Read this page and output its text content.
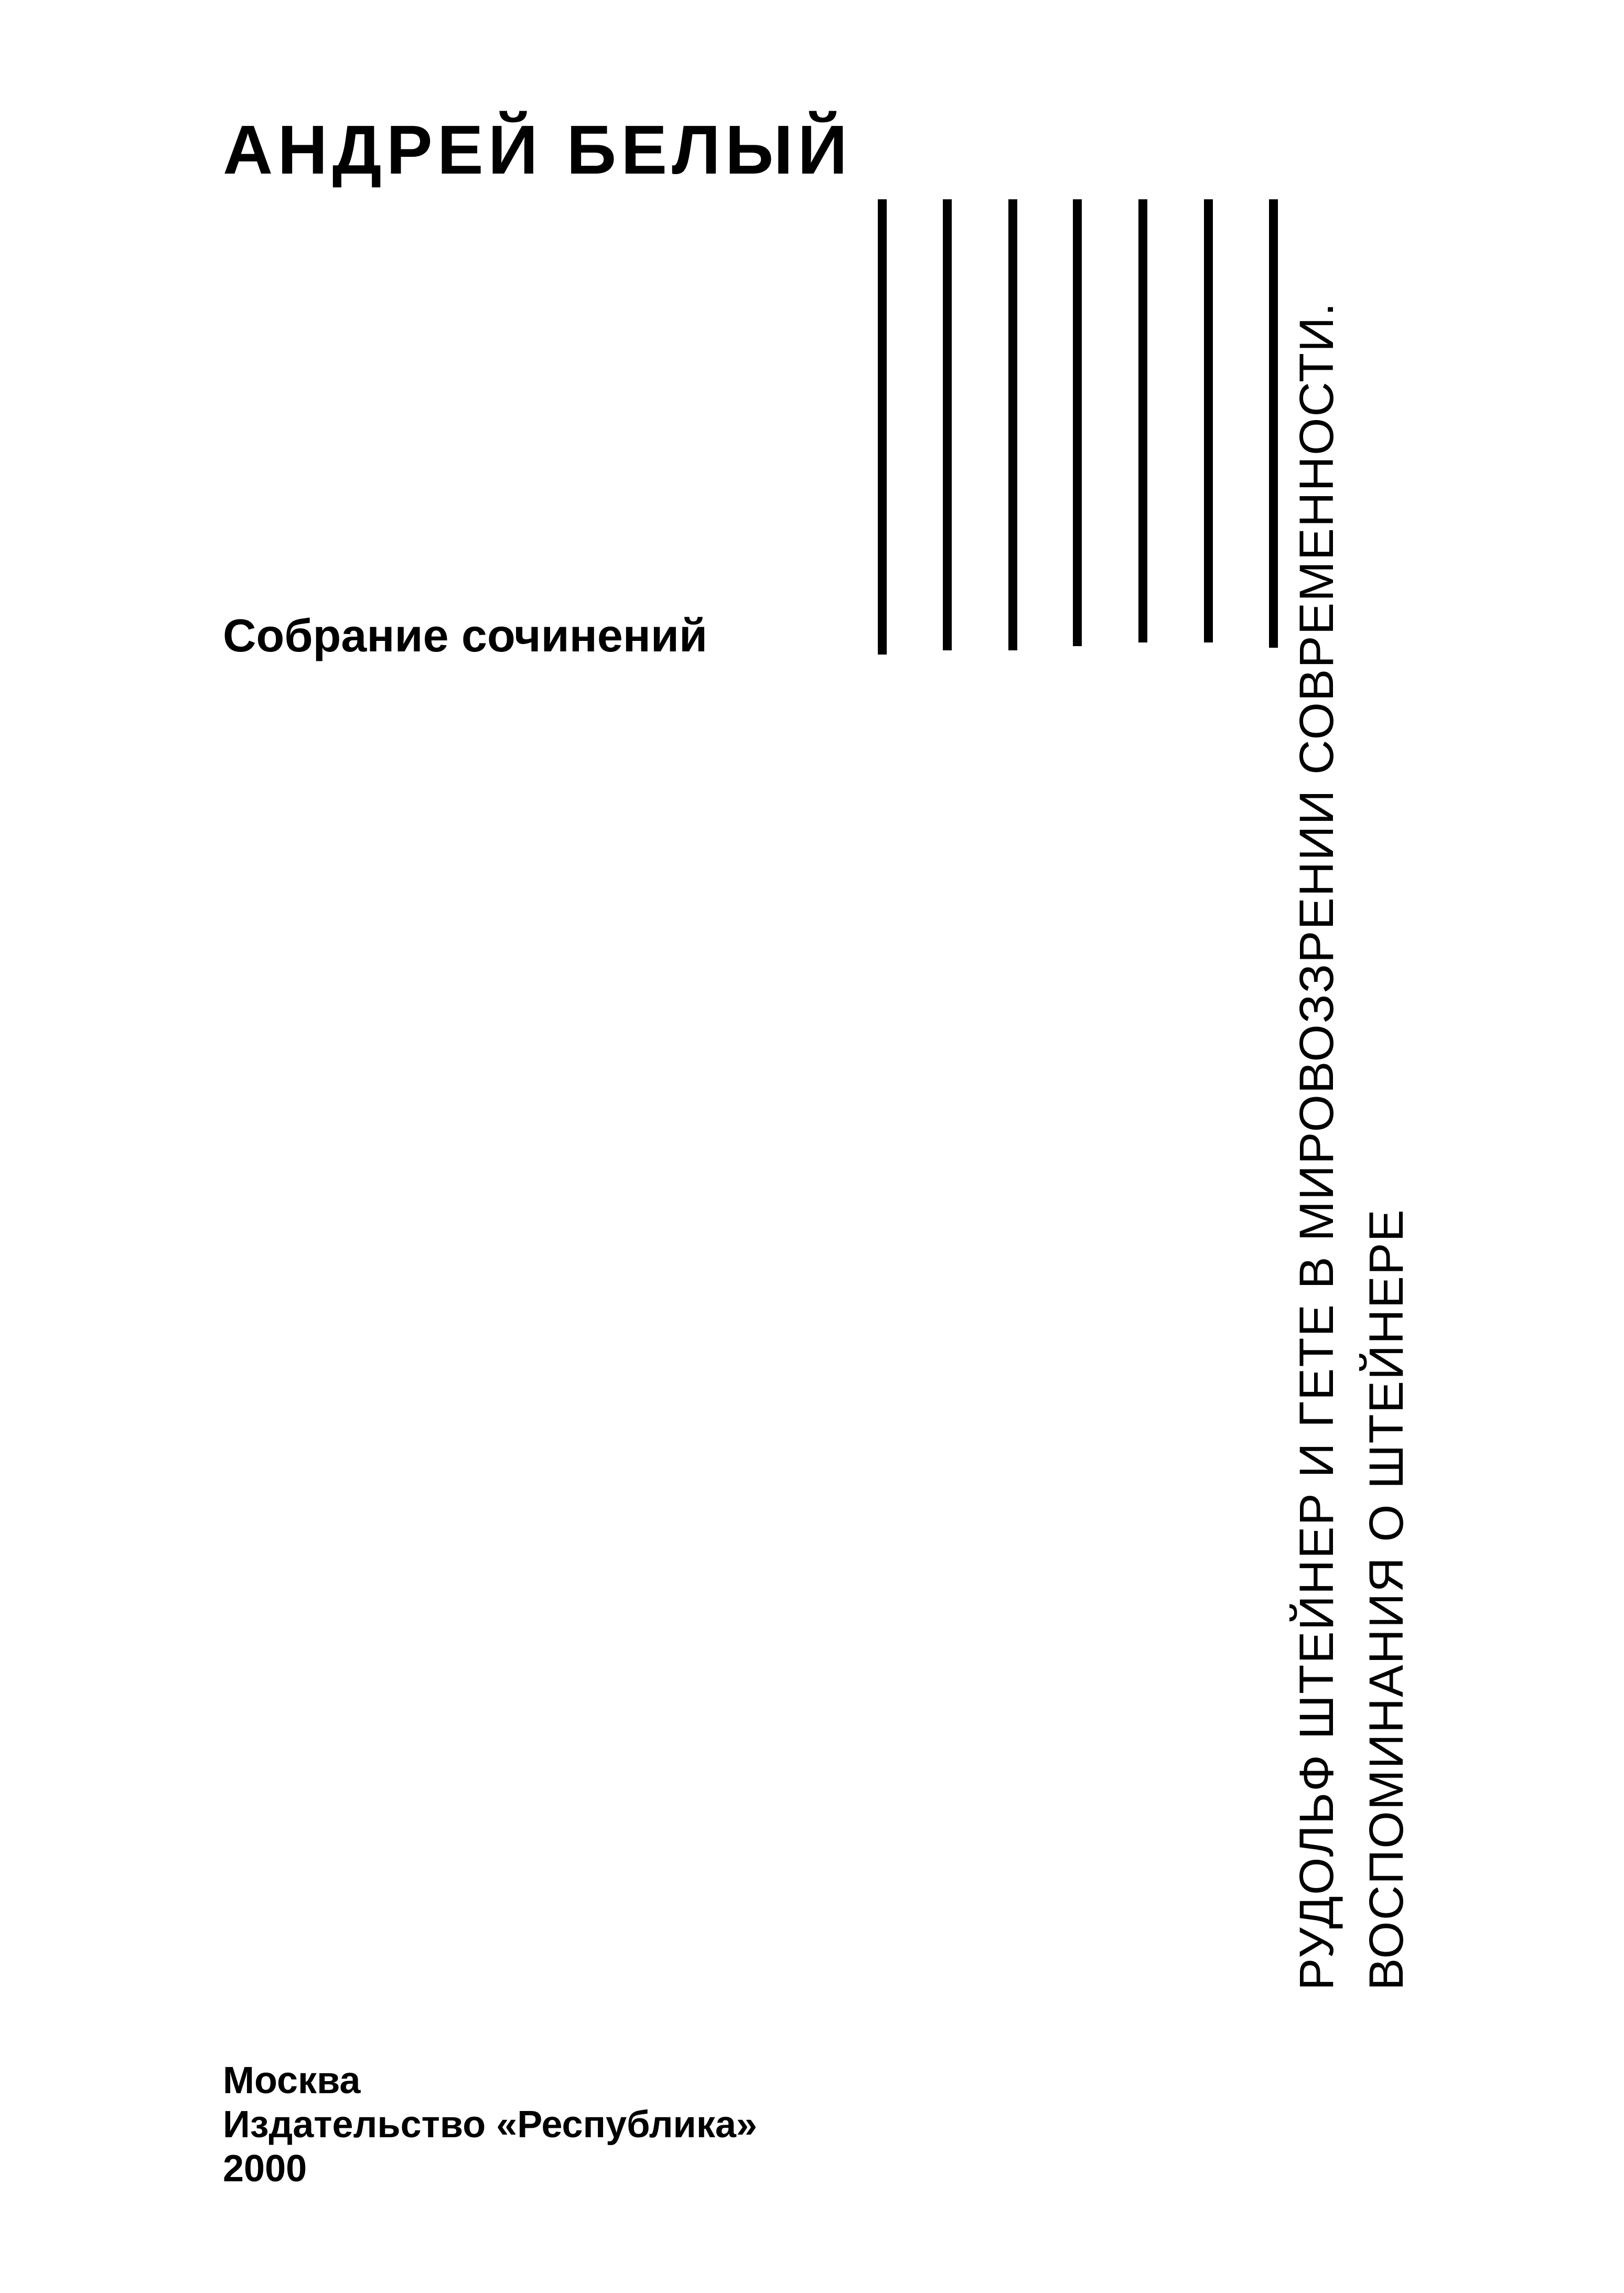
АНДРЕЙ БЕЛЫЙ
Собрание сочинений	РУДОЛЬФ ШТЕЙНЕР И ГЕТЕ В МИРОВОЗЗРЕНИИ СОВРЕМЕННОСТИ. ВОСПОМИНАНИЯ О ШТЕЙНЕРЕ
Москва
Издательство «Республика»
2000
